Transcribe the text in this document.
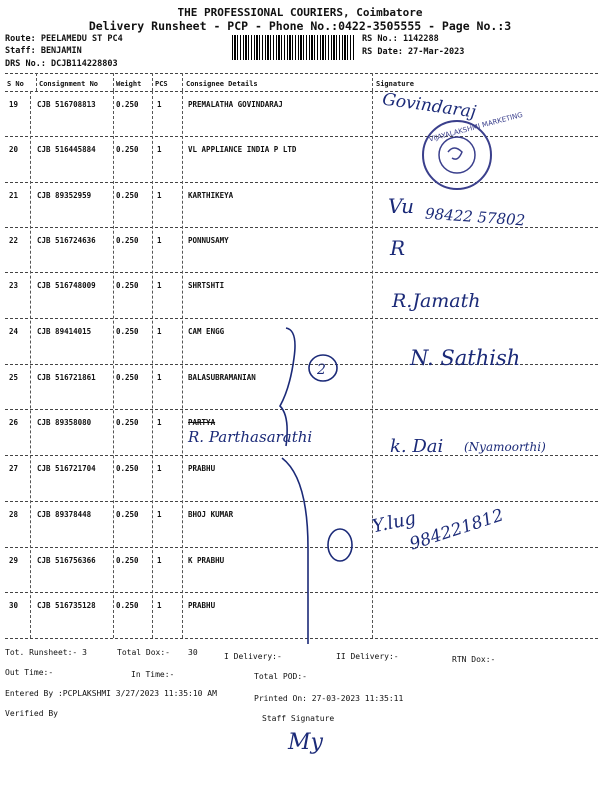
THE PROFESSIONAL COURIERS, Coimbatore
Delivery Runsheet - PCP - Phone No.:0422-3505555 - Page No.:3
Route: PEELAMEDU ST PC4
Staff: BENJAMIN
DRS No.: DCJB114228803
RS No.: 1142288
RS Date: 27-Mar-2023
S No Consignment No	Weight PCS	Consignee Details	Signature
19	CJB 516708813	0.250 1	PREMALATHA GOVINDARAJ
20	CJB 516445884	0.250 1	VL APPLIANCE INDIA P LTD
21	CJB 89352959	0.250 1	KARTHIKEYA
22	CJB 516724636	0.250 1	PONNUSAMY
23	CJB 516748009	0.250 1	SHRTSHTI
24	CJB 89414015	0.250 1	CAM ENGG
25	CJB 516721861	0.250 1	BALASUBRAMANIAN
26	CJB 89358080	0.250 1	PARTYA
27	CJB 516721704	0.250 1	PRABHU
28	CJB 89378448	0.250 1	BHOJ KUMAR
29	CJB 516756366	0.250 1	K PRABHU
30	CJB 516735128	0.250 1	PRABHU
Govindaraj
VIJAYALAKSHMI MARKETING
Vu 98422 57802
R
R.Jamath
N. Sathish
R. Parthasarathi	k. Dai (Nyamoorthi)
Y.lug
984221812
2
Tot. Runsheet:- 3	Total Dox:- 30	I Delivery:-	II Delivery:-	RTN Dox:-
Out Time:-	In Time:-	Total POD:-
Entered By :PCPLAKSHMI 3/27/2023 11:35:10 AM
Printed On: 27-03-2023 11:35:11
Verified By
Staff Signature
My
